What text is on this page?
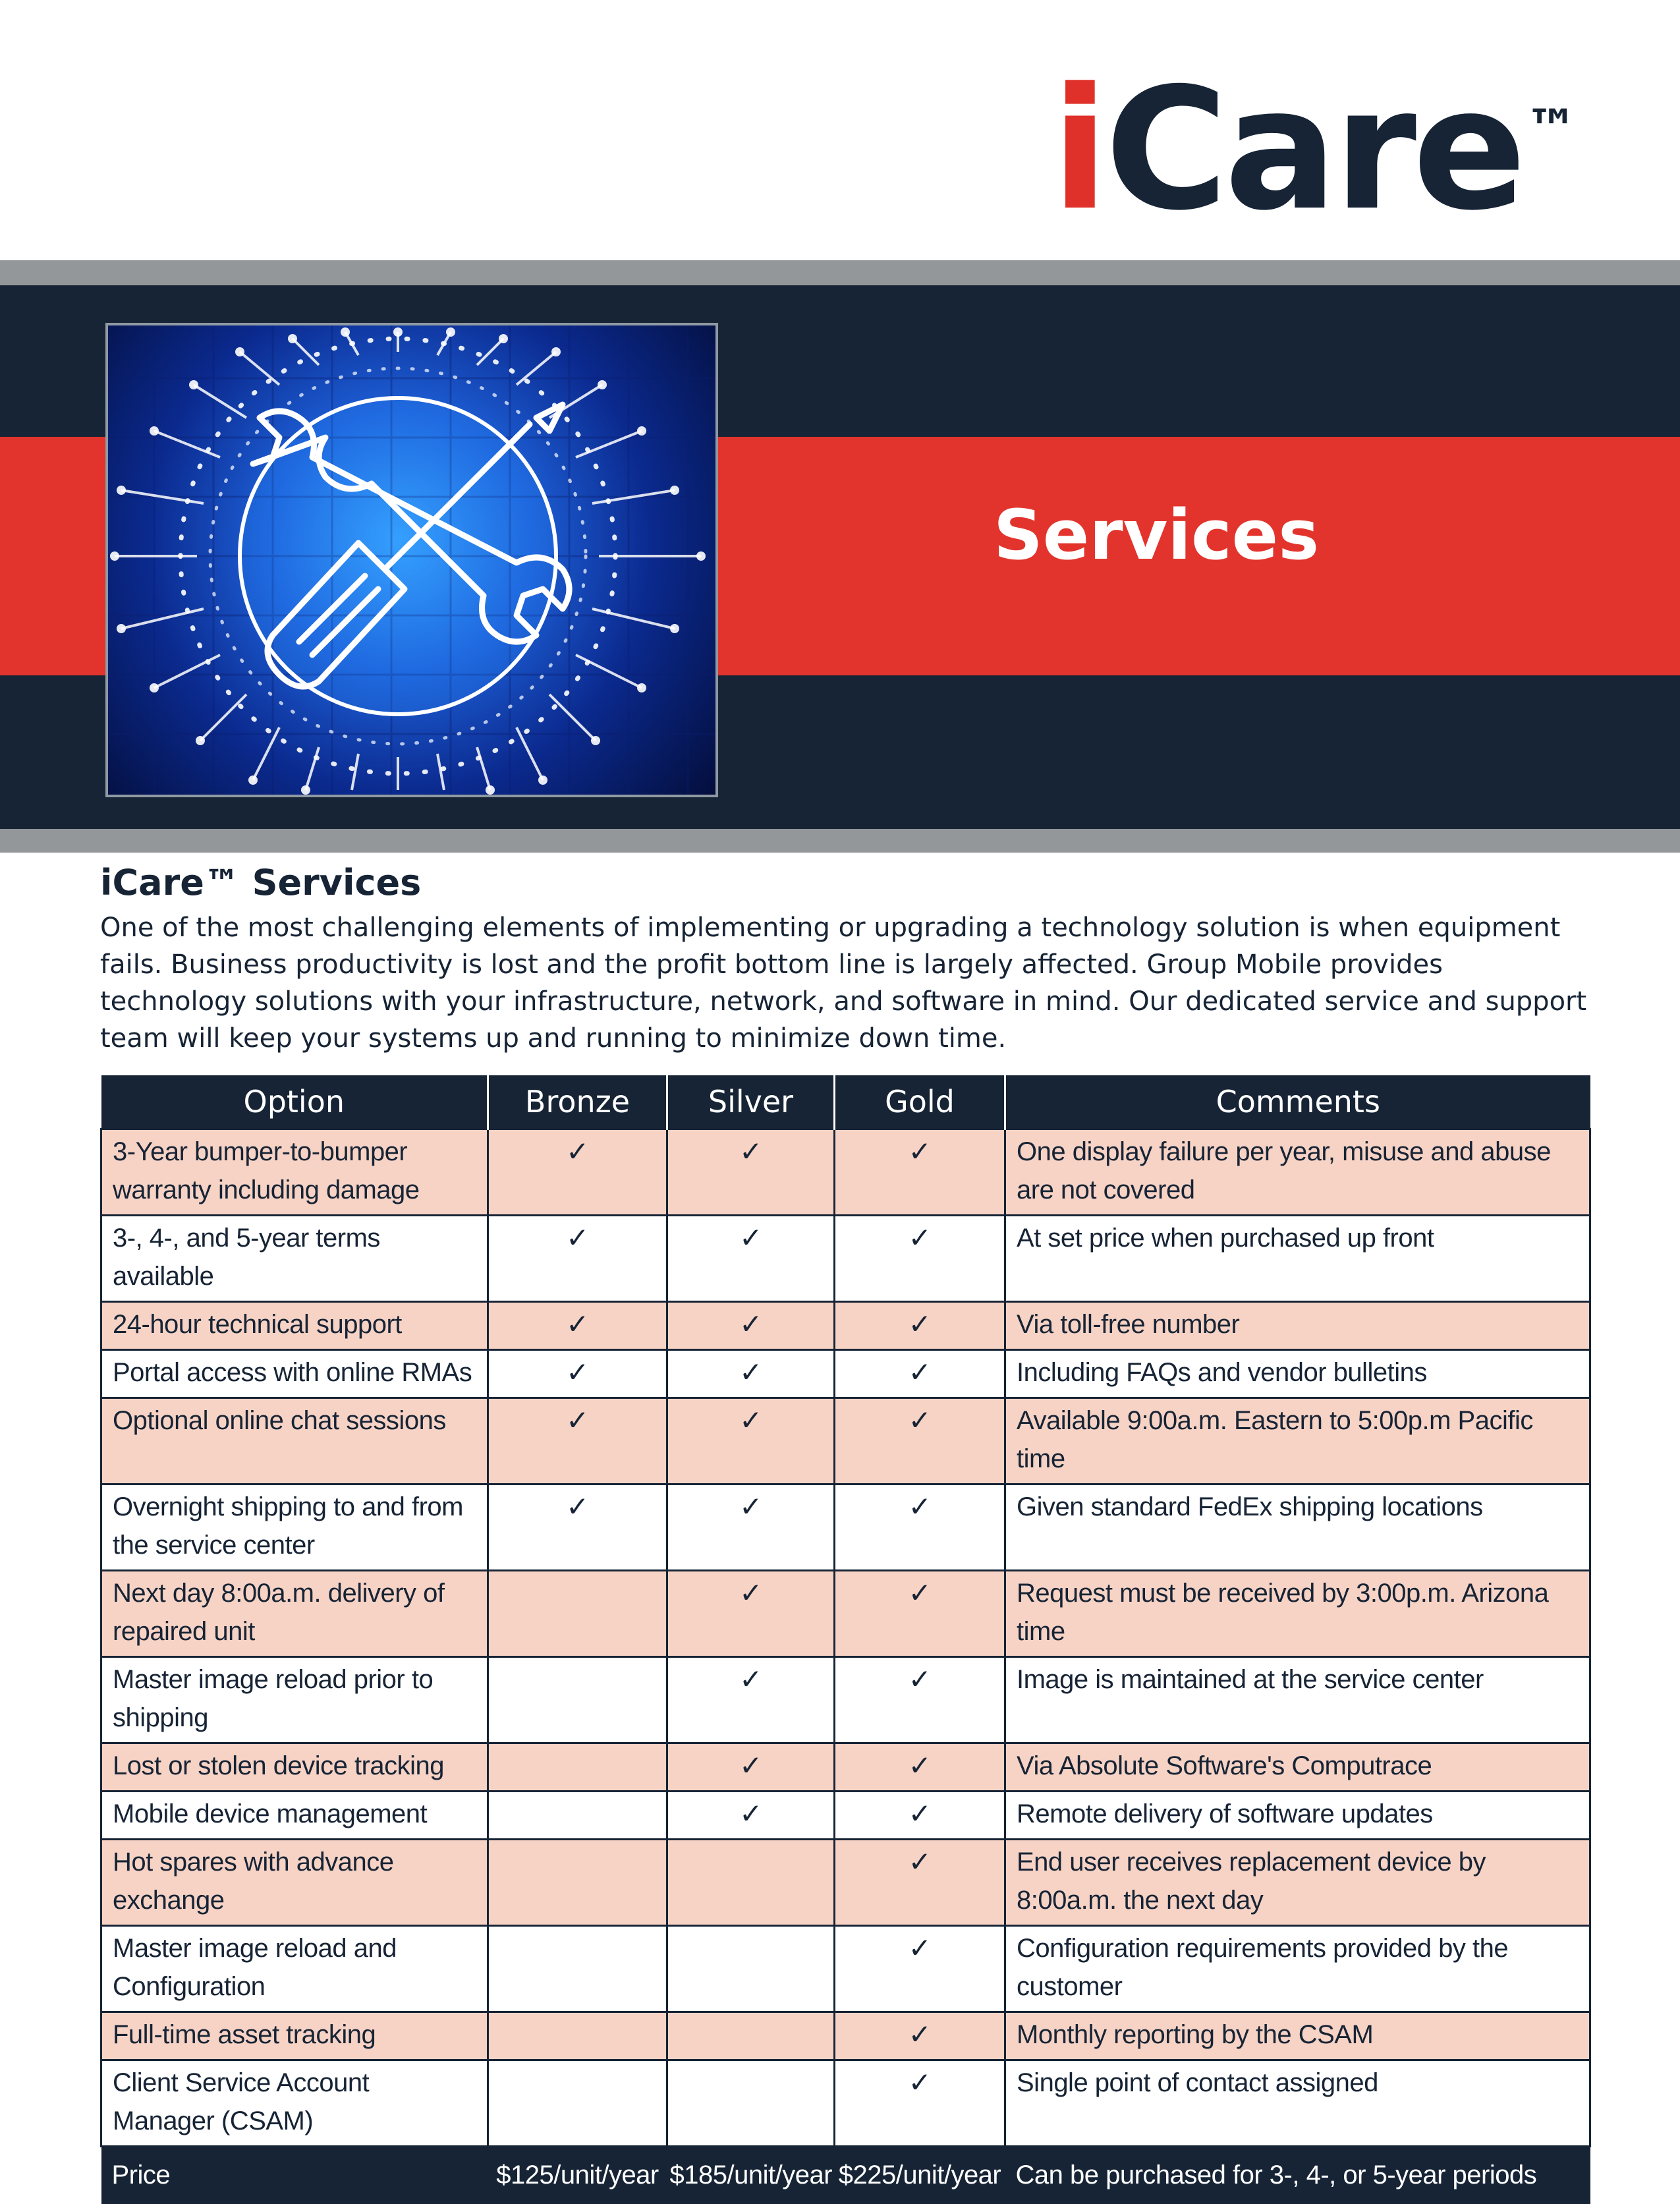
iCare™
Services
iCare™ Services

One of the most challenging elements of implementing or upgrading a technology solution is when equipment fails. Business productivity is lost and the profit bottom line is largely affected. Group Mobile provides technology solutions with your infrastructure, network, and software in mind. Our dedicated service and support team will keep your systems up and running to minimize down time.

Option	Bronze	Silver	Gold	Comments
3-Year bumper-to-bumper warranty including damage	✓	✓	✓	One display failure per year, misuse and abuse are not covered
3-, 4-, and 5-year terms available	✓	✓	✓	At set price when purchased up front
24-hour technical support	✓	✓	✓	Via toll-free number
Portal access with online RMAs	✓	✓	✓	Including FAQs and vendor bulletins
Optional online chat sessions	✓	✓	✓	Available 9:00a.m. Eastern to 5:00p.m Pacific time
Overnight shipping to and from the service center	✓	✓	✓	Given standard FedEx shipping locations
Next day 8:00a.m. delivery of repaired unit		✓	✓	Request must be received by 3:00p.m. Arizona time
Master image reload prior to shipping		✓	✓	Image is maintained at the service center
Lost or stolen device tracking		✓	✓	Via Absolute Software's Computrace
Mobile device management		✓	✓	Remote delivery of software updates
Hot spares with advance exchange			✓	End user receives replacement device by 8:00a.m. the next day
Master image reload and Configuration			✓	Configuration requirements provided by the customer
Full-time asset tracking			✓	Monthly reporting by the CSAM
Client Service Account Manager (CSAM)			✓	Single point of contact assigned
Price	$125/unit/year	$185/unit/year	$225/unit/year	Can be purchased for 3-, 4-, or 5-year periods
